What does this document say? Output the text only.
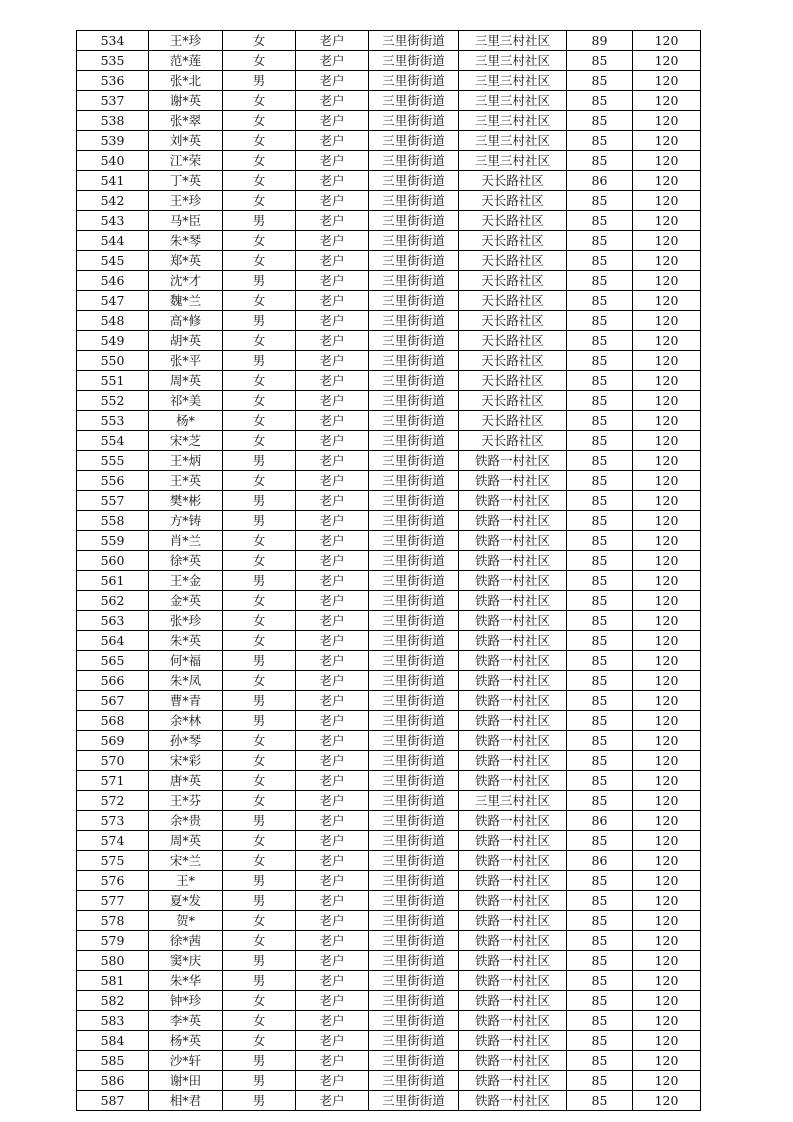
534	王*珍	女	老户	三里街街道	三里三村社区	89	120
535	范*莲	女	老户	三里街街道	三里三村社区	85	120
536	张*北	男	老户	三里街街道	三里三村社区	85	120
537	谢*英	女	老户	三里街街道	三里三村社区	85	120
538	张*翠	女	老户	三里街街道	三里三村社区	85	120
539	刘*英	女	老户	三里街街道	三里三村社区	85	120
540	江*荣	女	老户	三里街街道	三里三村社区	85	120
541	丁*英	女	老户	三里街街道	天长路社区	86	120
542	王*珍	女	老户	三里街街道	天长路社区	85	120
543	马*臣	男	老户	三里街街道	天长路社区	85	120
544	朱*琴	女	老户	三里街街道	天长路社区	85	120
545	郑*英	女	老户	三里街街道	天长路社区	85	120
546	沈*才	男	老户	三里街街道	天长路社区	85	120
547	魏*兰	女	老户	三里街街道	天长路社区	85	120
548	高*修	男	老户	三里街街道	天长路社区	85	120
549	胡*英	女	老户	三里街街道	天长路社区	85	120
550	张*平	男	老户	三里街街道	天长路社区	85	120
551	周*英	女	老户	三里街街道	天长路社区	85	120
552	祁*美	女	老户	三里街街道	天长路社区	85	120
553	杨*	女	老户	三里街街道	天长路社区	85	120
554	宋*芝	女	老户	三里街街道	天长路社区	85	120
555	王*炳	男	老户	三里街街道	铁路一村社区	85	120
556	王*英	女	老户	三里街街道	铁路一村社区	85	120
557	樊*彬	男	老户	三里街街道	铁路一村社区	85	120
558	方*铸	男	老户	三里街街道	铁路一村社区	85	120
559	肖*兰	女	老户	三里街街道	铁路一村社区	85	120
560	徐*英	女	老户	三里街街道	铁路一村社区	85	120
561	王*金	男	老户	三里街街道	铁路一村社区	85	120
562	金*英	女	老户	三里街街道	铁路一村社区	85	120
563	张*珍	女	老户	三里街街道	铁路一村社区	85	120
564	朱*英	女	老户	三里街街道	铁路一村社区	85	120
565	何*福	男	老户	三里街街道	铁路一村社区	85	120
566	朱*凤	女	老户	三里街街道	铁路一村社区	85	120
567	曹*青	男	老户	三里街街道	铁路一村社区	85	120
568	余*林	男	老户	三里街街道	铁路一村社区	85	120
569	孙*琴	女	老户	三里街街道	铁路一村社区	85	120
570	宋*彩	女	老户	三里街街道	铁路一村社区	85	120
571	唐*英	女	老户	三里街街道	铁路一村社区	85	120
572	王*芬	女	老户	三里街街道	三里三村社区	85	120
573	余*贵	男	老户	三里街街道	铁路一村社区	86	120
574	周*英	女	老户	三里街街道	铁路一村社区	85	120
575	宋*兰	女	老户	三里街街道	铁路一村社区	86	120
576	王*	男	老户	三里街街道	铁路一村社区	85	120
577	夏*发	男	老户	三里街街道	铁路一村社区	85	120
578	贺*	女	老户	三里街街道	铁路一村社区	85	120
579	徐*茜	女	老户	三里街街道	铁路一村社区	85	120
580	窦*庆	男	老户	三里街街道	铁路一村社区	85	120
581	朱*华	男	老户	三里街街道	铁路一村社区	85	120
582	钟*珍	女	老户	三里街街道	铁路一村社区	85	120
583	李*英	女	老户	三里街街道	铁路一村社区	85	120
584	杨*英	女	老户	三里街街道	铁路一村社区	85	120
585	沙*轩	男	老户	三里街街道	铁路一村社区	85	120
586	谢*田	男	老户	三里街街道	铁路一村社区	85	120
587	相*君	男	老户	三里街街道	铁路一村社区	85	120
